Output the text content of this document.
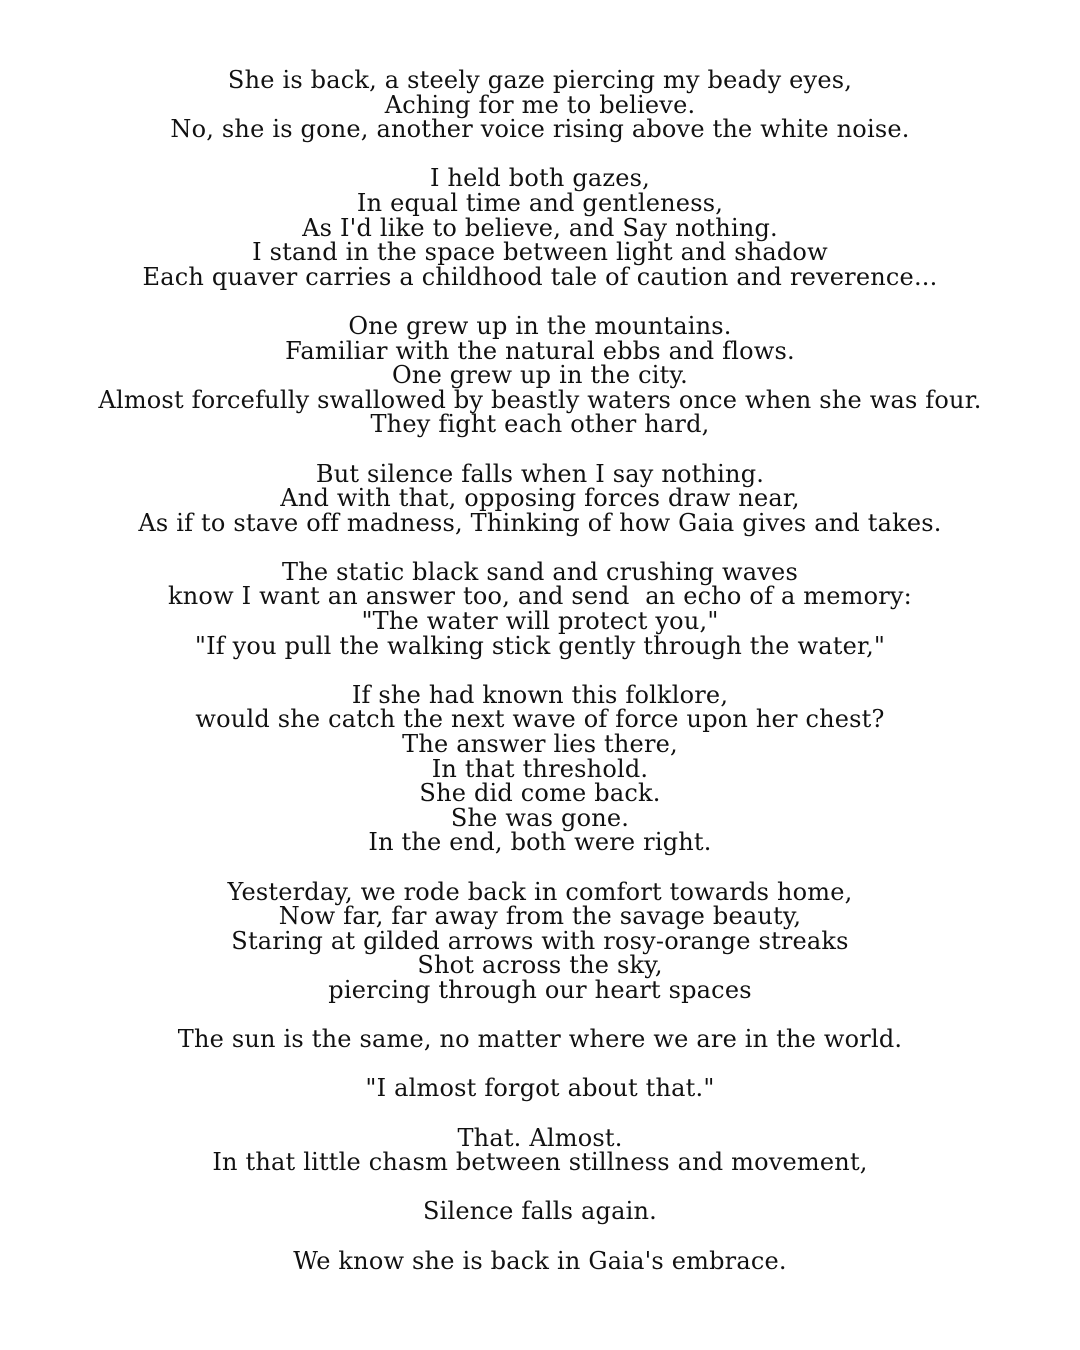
She is back, a steely gaze piercing my beady eyes,
Aching for me to believe.
No, she is gone, another voice rising above the white noise.
I held both gazes,
In equal time and gentleness,
As I'd like to believe, and Say nothing.
I stand in the space between light and shadow
Each quaver carries a childhood tale of caution and reverence...
One grew up in the mountains.
Familiar with the natural ebbs and flows.
One grew up in the city.
Almost forcefully swallowed by beastly waters once when she was four.
They fight each other hard,
But silence falls when I say nothing.
And with that, opposing forces draw near,
As if to stave off madness, Thinking of how Gaia gives and takes.
The static black sand and crushing waves
know I want an answer too, and send  an echo of a memory:
"The water will protect you,"
"If you pull the walking stick gently through the water,"
If she had known this folklore,
would she catch the next wave of force upon her chest?
The answer lies there,
In that threshold.
She did come back.
She was gone.
In the end, both were right.
Yesterday, we rode back in comfort towards home,
Now far, far away from the savage beauty,
Staring at gilded arrows with rosy-orange streaks
Shot across the sky,
piercing through our heart spaces
The sun is the same, no matter where we are in the world.
"I almost forgot about that."
That. Almost.
In that little chasm between stillness and movement,
Silence falls again.
We know she is back in Gaia's embrace.
